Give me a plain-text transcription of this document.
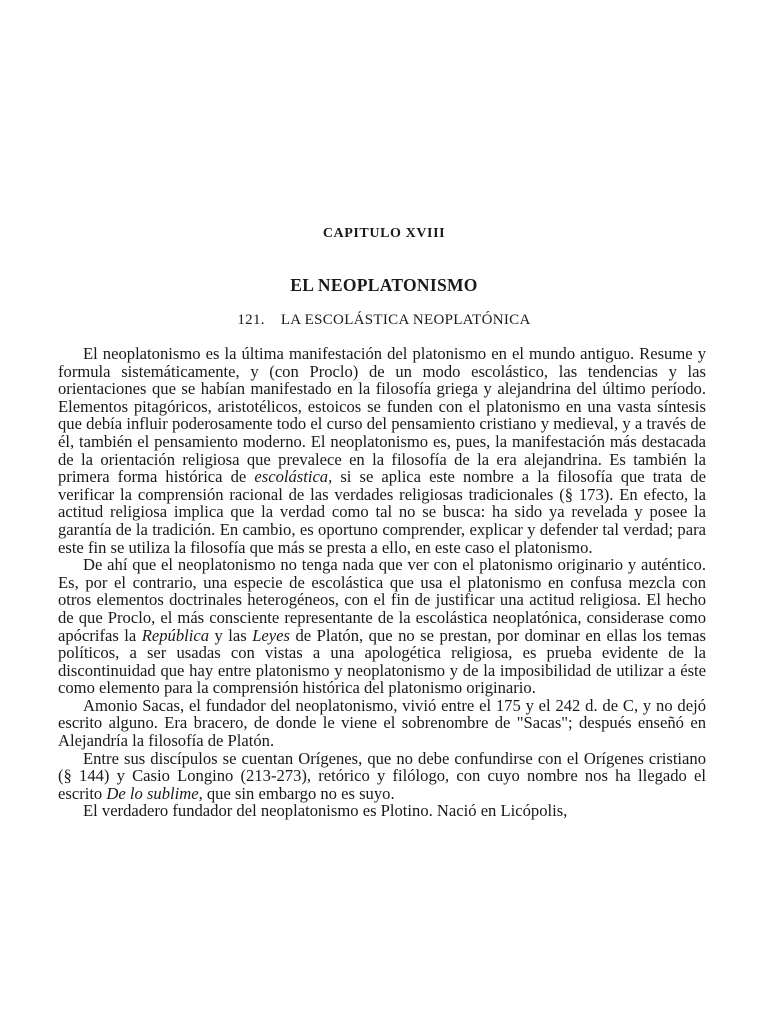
CAPITULO XVIII
EL NEOPLATONISMO
121. LA ESCOLÁSTICA NEOPLATÓNICA

El neoplatonismo es la última manifestación del platonismo en el mundo antiguo. Resume y formula sistemáticamente, y (con Proclo) de un modo escolástico, las tendencias y las orientaciones que se habían manifestado en la filosofía griega y alejandrina del último período. Elementos pitagóricos, aristotélicos, estoicos se funden con el platonismo en una vasta síntesis que debía influir poderosamente todo el curso del pensamiento cristiano y medieval, y a través de él, también el pensamiento moderno. El neoplatonismo es, pues, la manifestación más destacada de la orientación religiosa que prevalece en la filosofía de la era alejandrina. Es también la primera forma histórica de escolástica, si se aplica este nombre a la filosofía que trata de verificar la comprensión racional de las verdades religiosas tradicionales (§ 173). En efecto, la actitud religiosa implica que la verdad como tal no se busca: ha sido ya revelada y posee la garantía de la tradición. En cambio, es oportuno comprender, explicar y defender tal verdad; para este fin se utiliza la filosofía que más se presta a ello, en este caso el platonismo.

De ahí que el neoplatonismo no tenga nada que ver con el platonismo originario y auténtico. Es, por el contrario, una especie de escolástica que usa el platonismo en confusa mezcla con otros elementos doctrinales heterogéneos, con el fin de justificar una actitud religiosa. El hecho de que Proclo, el más consciente representante de la escolástica neoplatónica, considerase como apócrifas la República y las Leyes de Platón, que no se prestan, por dominar en ellas los temas políticos, a ser usadas con vistas a una apologética religiosa, es prueba evidente de la discontinuidad que hay entre platonismo y neoplatonismo y de la imposibilidad de utilizar a éste como elemento para la comprensión histórica del platonismo originario.

Amonio Sacas, el fundador del neoplatonismo, vivió entre el 175 y el 242 d. de C, y no dejó escrito alguno. Era bracero, de donde le viene el sobrenombre de "Sacas"; después enseñó en Alejandría la filosofía de Platón.

Entre sus discípulos se cuentan Orígenes, que no debe confundirse con el Orígenes cristiano (§ 144) y Casio Longino (213-273), retórico y filólogo, con cuyo nombre nos ha llegado el escrito De lo sublime, que sin embargo no es suyo.

El verdadero fundador del neoplatonismo es Plotino. Nació en Licópolis,
